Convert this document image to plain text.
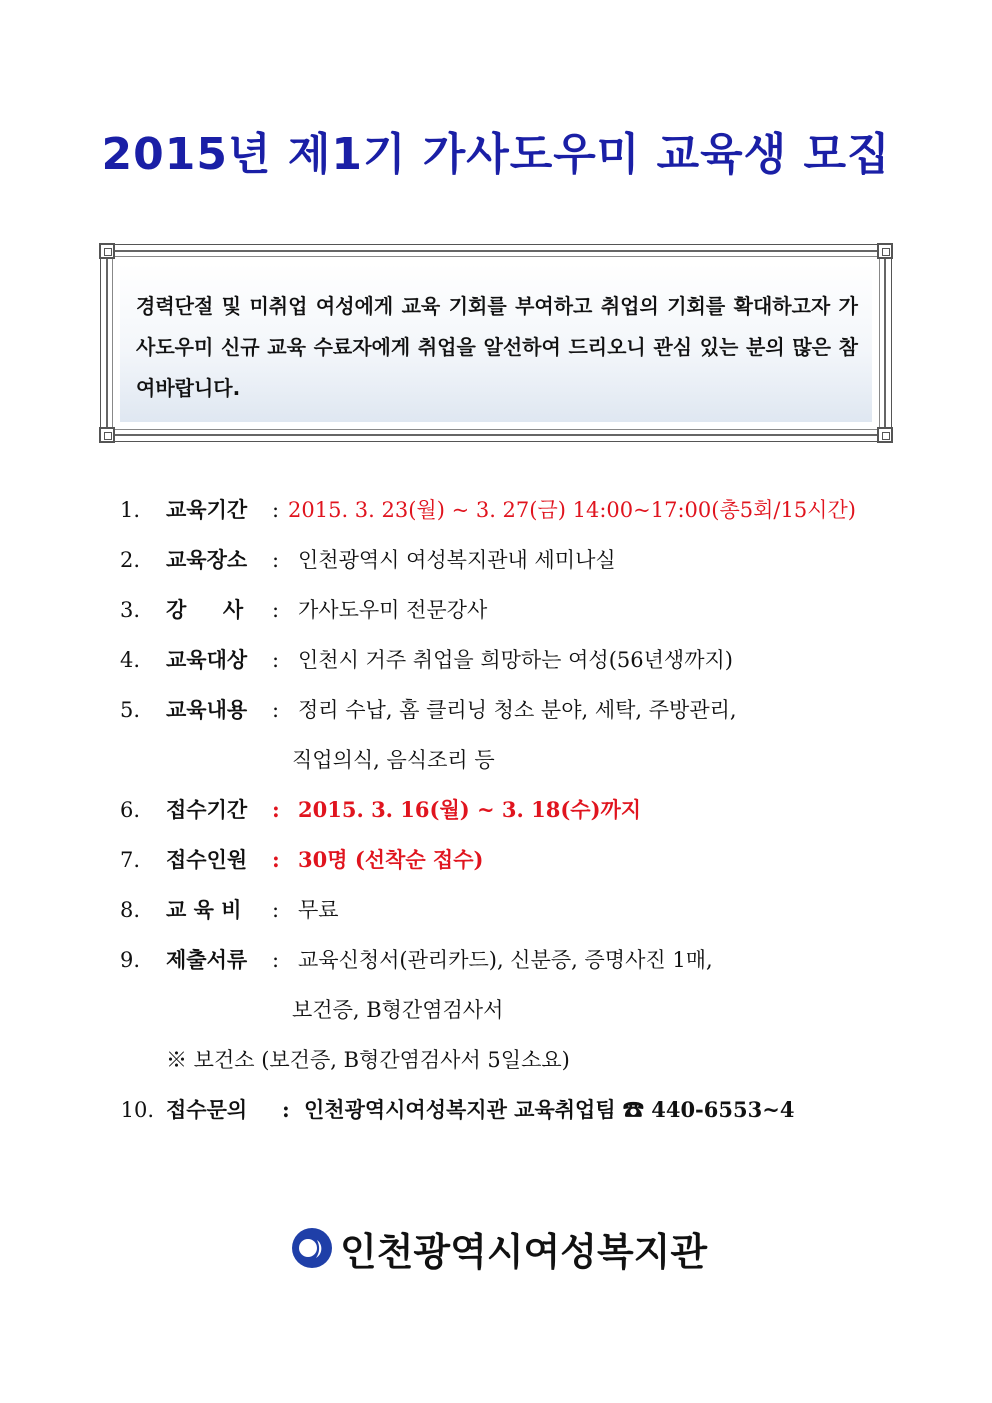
2015년 제1기 가사도우미 교육생 모집
경력단절 및 미취업 여성에게 교육 기회를 부여하고 취업의 기회를 확대하고자 가사도우미 신규 교육 수료자에게 취업을 알선하여 드리오니 관심 있는 분의 많은 참여바랍니다.
1. 교육기간 : 2015. 3. 23(월) ~ 3. 27(금) 14:00~17:00(총5회/15시간)
2. 교육장소 : 인천광역시 여성복지관내 세미나실
3. 강     사 : 가사도우미 전문강사
4. 교육대상 : 인천시 거주 취업을 희망하는 여성(56년생까지)
5. 교육내용 : 정리 수납, 홈 클리닝 청소 분야, 세탁, 주방관리,
직업의식, 음식조리 등
6. 접수기간 : 2015. 3. 16(월) ~ 3. 18(수)까지
7. 접수인원 : 30명 (선착순 접수)
8. 교 육 비 : 무료
9. 제출서류 : 교육신청서(관리카드), 신분증, 증명사진 1매,
보건증, B형간염검사서
※ 보건소 (보건증, B형간염검사서 5일소요)
10. 접수문의 : 인천광역시여성복지관 교육취업팀 ☎ 440-6553~4
인천광역시여성복지관
